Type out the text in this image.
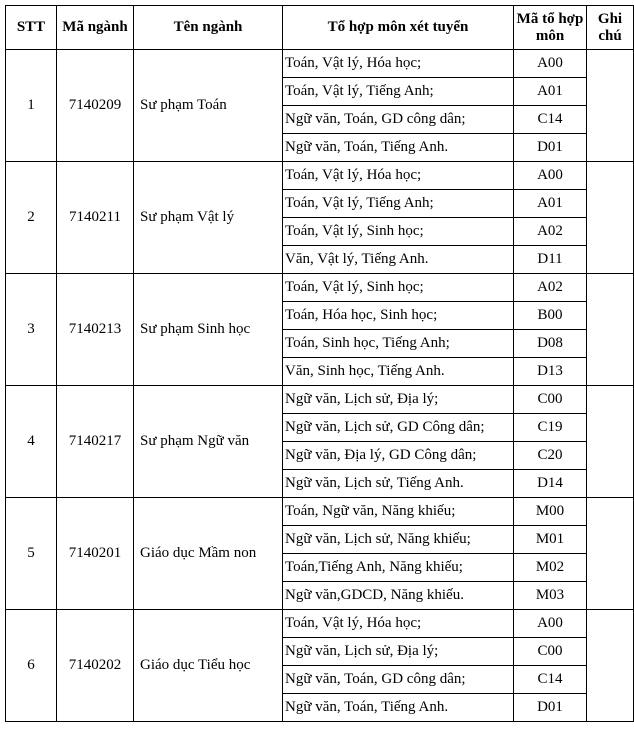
STT	Mã ngành	Tên ngành	Tổ hợp môn xét tuyển	Mã tổ hợp môn	Ghi chú
1	7140209	Sư phạm Toán	Toán, Vật lý, Hóa học;	A00	
			Toán, Vật lý, Tiếng Anh;	A01	
			Ngữ văn, Toán, GD công dân;	C14	
			Ngữ văn, Toán, Tiếng Anh.	D01	
2	7140211	Sư phạm Vật lý	Toán, Vật lý, Hóa học;	A00	
			Toán, Vật lý, Tiếng Anh;	A01	
			Toán, Vật lý, Sinh học;	A02	
			Văn, Vật lý, Tiếng Anh.	D11	
3	7140213	Sư phạm Sinh học	Toán, Vật lý, Sinh học;	A02	
			Toán, Hóa học, Sinh học;	B00	
			Toán, Sinh học, Tiếng Anh;	D08	
			Văn, Sinh học, Tiếng Anh.	D13	
4	7140217	Sư phạm Ngữ văn	Ngữ văn, Lịch sử, Địa lý;	C00	
			Ngữ văn, Lịch sử, GD Công dân;	C19	
			Ngữ văn, Địa lý, GD Công dân;	C20	
			Ngữ văn, Lịch sử, Tiếng Anh.	D14	
5	7140201	Giáo dục Mầm non	Toán, Ngữ văn, Năng khiếu;	M00	
			Ngữ văn, Lịch sử, Năng khiếu;	M01	
			Toán,Tiếng Anh, Năng khiếu;	M02	
			Ngữ văn,GDCD, Năng khiếu.	M03	
6	7140202	Giáo dục Tiểu học	Toán, Vật lý, Hóa học;	A00	
			Ngữ văn, Lịch sử, Địa lý;	C00	
			Ngữ văn, Toán, GD công dân;	C14	
			Ngữ văn, Toán, Tiếng Anh.	D01	
